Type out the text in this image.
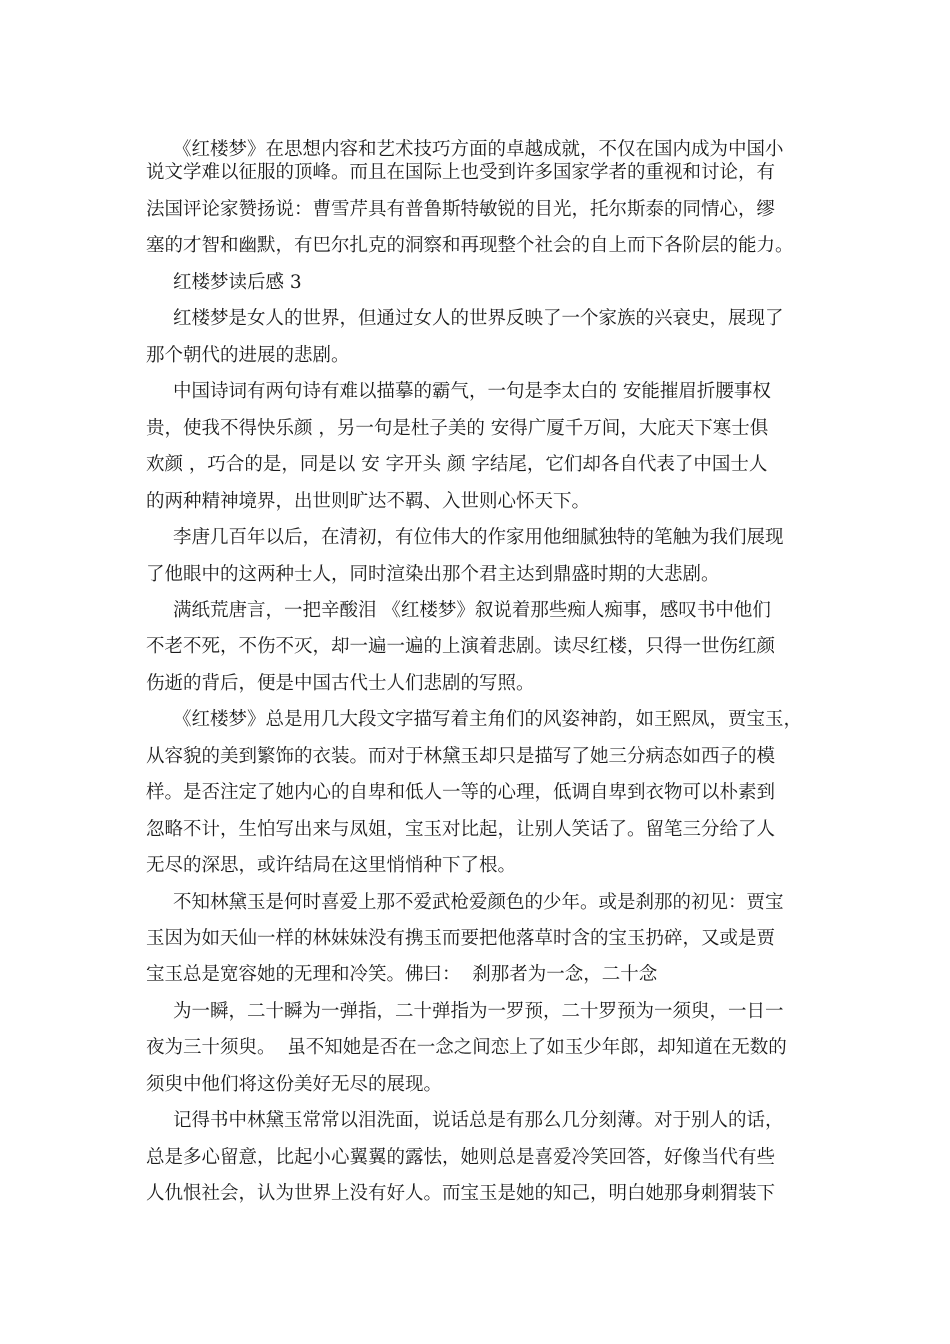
《红楼梦》在思想内容和艺术技巧方面的卓越成就，不仅在国内成为中国小
说文学难以征服的顶峰。而且在国际上也受到许多国家学者的重视和讨论，有
法国评论家赞扬说：曹雪芹具有普鲁斯特敏锐的目光，托尔斯泰的同情心，缪
塞的才智和幽默，有巴尔扎克的洞察和再现整个社会的自上而下各阶层的能力。
红楼梦读后感 3
红楼梦是女人的世界，但通过女人的世界反映了一个家族的兴衰史，展现了
那个朝代的进展的悲剧。
中国诗词有两句诗有难以描摹的霸气，一句是李太白的 安能摧眉折腰事权
贵，使我不得快乐颜 ，另一句是杜子美的 安得广厦千万间，大庇天下寒士俱
欢颜 ，巧合的是，同是以 安 字开头 颜 字结尾，它们却各自代表了中国士人
的两种精神境界，出世则旷达不羁、入世则心怀天下。
李唐几百年以后，在清初，有位伟大的作家用他细腻独特的笔触为我们展现
了他眼中的这两种士人，同时渲染出那个君主达到鼎盛时期的大悲剧。
满纸荒唐言，一把辛酸泪 《红楼梦》叙说着那些痴人痴事，感叹书中他们
不老不死，不伤不灭，却一遍一遍的上演着悲剧。读尽红楼，只得一世伤红颜
伤逝的背后，便是中国古代士人们悲剧的写照。
《红楼梦》总是用几大段文字描写着主角们的风姿神韵，如王熙凤，贾宝玉，
从容貌的美到繁饰的衣装。而对于林黛玉却只是描写了她三分病态如西子的模
样。是否注定了她内心的自卑和低人一等的心理，低调自卑到衣物可以朴素到
忽略不计，生怕写出来与凤姐，宝玉对比起，让别人笑话了。留笔三分给了人
无尽的深思，或许结局在这里悄悄种下了根。
不知林黛玉是何时喜爱上那不爱武枪爱颜色的少年。或是刹那的初见：贾宝
玉因为如天仙一样的林妹妹没有携玉而要把他落草时含的宝玉扔碎，又或是贾
宝玉总是宽容她的无理和冷笑。佛曰：  刹那者为一念，二十念
为一瞬，二十瞬为一弹指，二十弹指为一罗预，二十罗预为一须臾，一日一
夜为三十须臾。  虽不知她是否在一念之间恋上了如玉少年郎，却知道在无数的
须臾中他们将这份美好无尽的展现。
记得书中林黛玉常常以泪洗面，说话总是有那么几分刻薄。对于别人的话，
总是多心留意，比起小心翼翼的露怯，她则总是喜爱冷笑回答，好像当代有些
人仇恨社会，认为世界上没有好人。而宝玉是她的知己，明白她那身刺猬装下
